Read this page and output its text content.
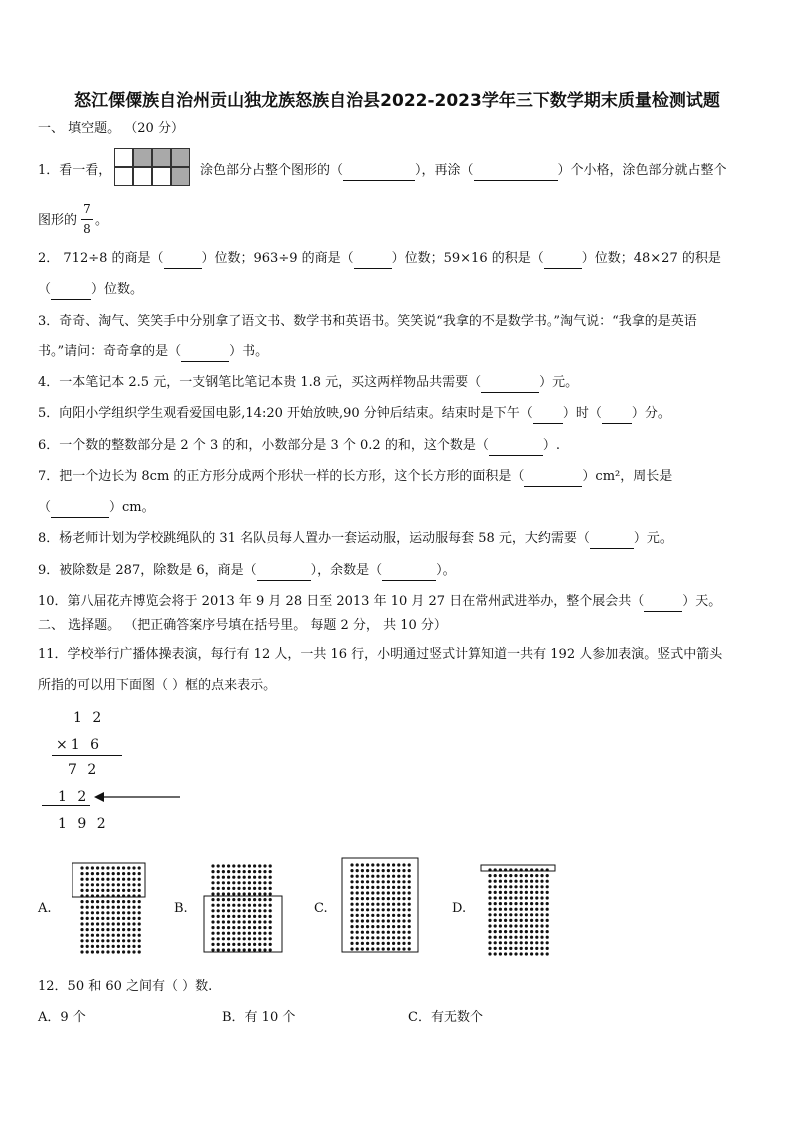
怒江傈僳族自治州贡山独龙族怒族自治县2022-2023学年三下数学期末质量检测试题
一、 填空题。 （20 分）
1．看一看，	涂色部分占整个图形的（	），再涂（	）个小格，涂色部分就占整个
图形的
7
8
。
2． 712÷8 的商是（	）位数；963÷9 的商是（	）位数；59×16 的积是（	）位数；48×27 的积是
（	）位数。
3．奇奇、淘气、笑笑手中分别拿了语文书、数学书和英语书。笑笑说“我拿的不是数学书。”淘气说：“我拿的是英语
书。”请问：奇奇拿的是（	）书。
4．一本笔记本 2.5 元，一支钢笔比笔记本贵 1.8 元，买这两样物品共需要（	）元。
5．向阳小学组织学生观看爱国电影,14:20 开始放映,90 分钟后结束。结束时是下午（ ）时（ ）分。
6．一个数的整数部分是 2 个 3 的和，小数部分是 3 个 0.2 的和，这个数是（	）.
7．把一个边长为 8cm 的正方形分成两个形状一样的长方形，这个长方形的面积是（	）cm²，周长是
（	）cm。
8．杨老师计划为学校跳绳队的 31 名队员每人置办一套运动服，运动服每套 58 元，大约需要（	）元。
9．被除数是 287，除数是 6，商是（	），余数是（	）。
10．第八届花卉博览会将于 2013 年 9 月 28 日至 2013 年 10 月 27 日在常州武进举办，整个展会共（	）天。
二、 选择题。 （把正确答案序号填在括号里。 每题 2 分， 共 10 分）
11．学校举行广播体操表演，每行有 12 人，一共 16 行，小明通过竖式计算知道一共有 192 人参加表演。竖式中箭头
所指的可以用下面图（ ）框的点来表示。
1 2
×1 6
7 2
1 2
1 9 2
A.	B.	C.	D.
12．50 和 60 之间有（ ）数.
A．9 个	B．有 10 个	C．有无数个
